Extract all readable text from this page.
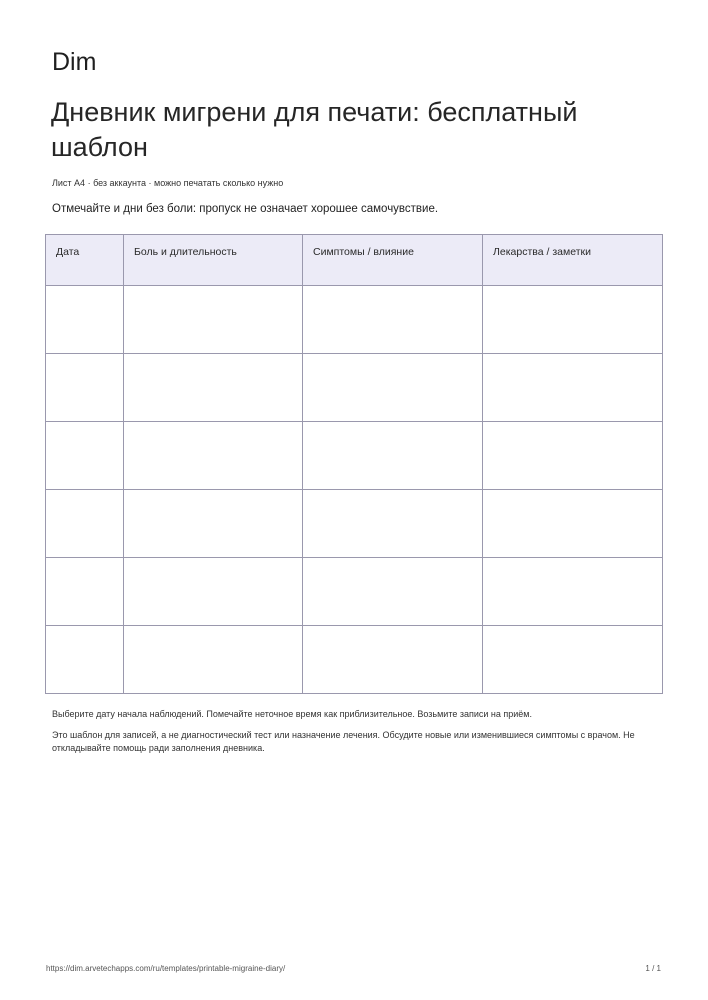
Dim
Дневник мигрени для печати: бесплатный шаблон
Лист A4 · без аккаунта · можно печатать сколько нужно
Отмечайте и дни без боли: пропуск не означает хорошее самочувствие.
Дата	Боль и длительность	Симптомы / влияние	Лекарства / заметки

Выберите дату начала наблюдений. Помечайте неточное время как приблизительное. Возьмите записи на приём.
Это шаблон для записей, а не диагностический тест или назначение лечения. Обсудите новые или изменившиеся симптомы с врачом. Не откладывайте помощь ради заполнения дневника.
https://dim.arvetechapps.com/ru/templates/printable-migraine-diary/	1 / 1
